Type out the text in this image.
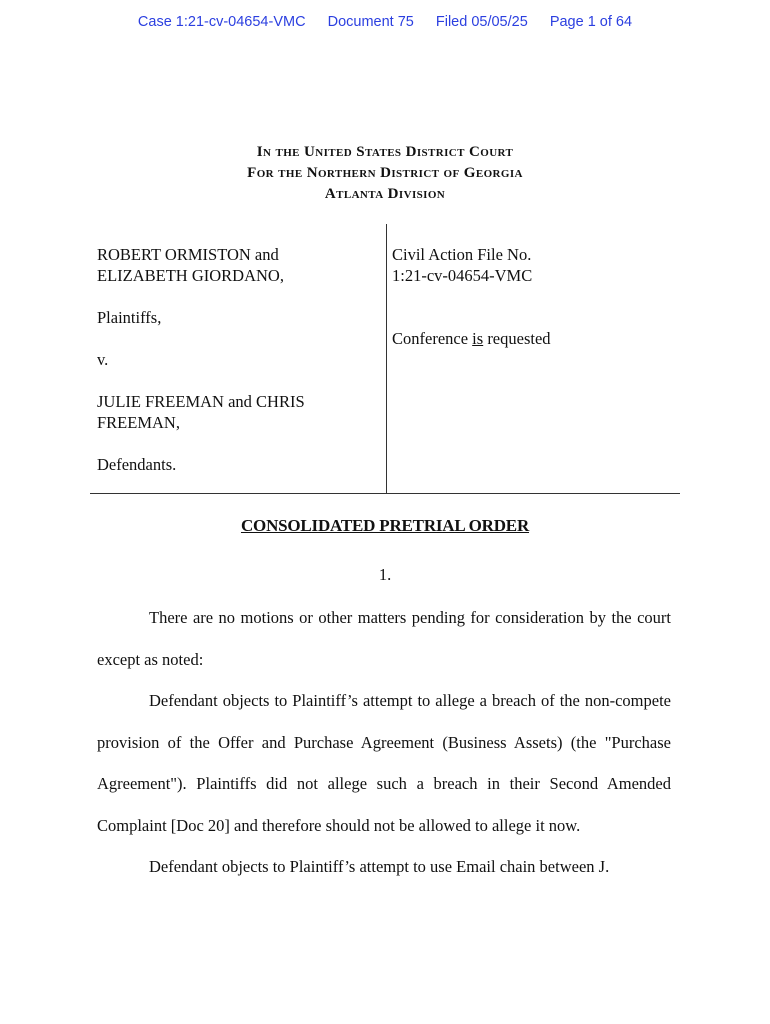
Case 1:21-cv-04654-VMC Document 75 Filed 05/05/25 Page 1 of 64
In the United States District Court
For the Northern District of Georgia
Atlanta Division

ROBERT ORMISTON and

ELIZABETH GIORDANO,

Plaintiffs,

v.

JULIE FREEMAN and CHRIS

FREEMAN,

Defendants.

Civil Action File No.

1:21-cv-04654-VMC

Conference is requested

CONSOLIDATED PRETRIAL ORDER
1.

There are no motions or other matters pending for consideration by the court except as noted:

Defendant objects to Plaintiff’s attempt to allege a breach of the non-compete provision of the Offer and Purchase Agreement (Business Assets) (the "Purchase Agreement"). Plaintiffs did not allege such a breach in their Second Amended Complaint [Doc 20] and therefore should not be allowed to allege it now.

Defendant objects to Plaintiff’s attempt to use Email chain between J.
